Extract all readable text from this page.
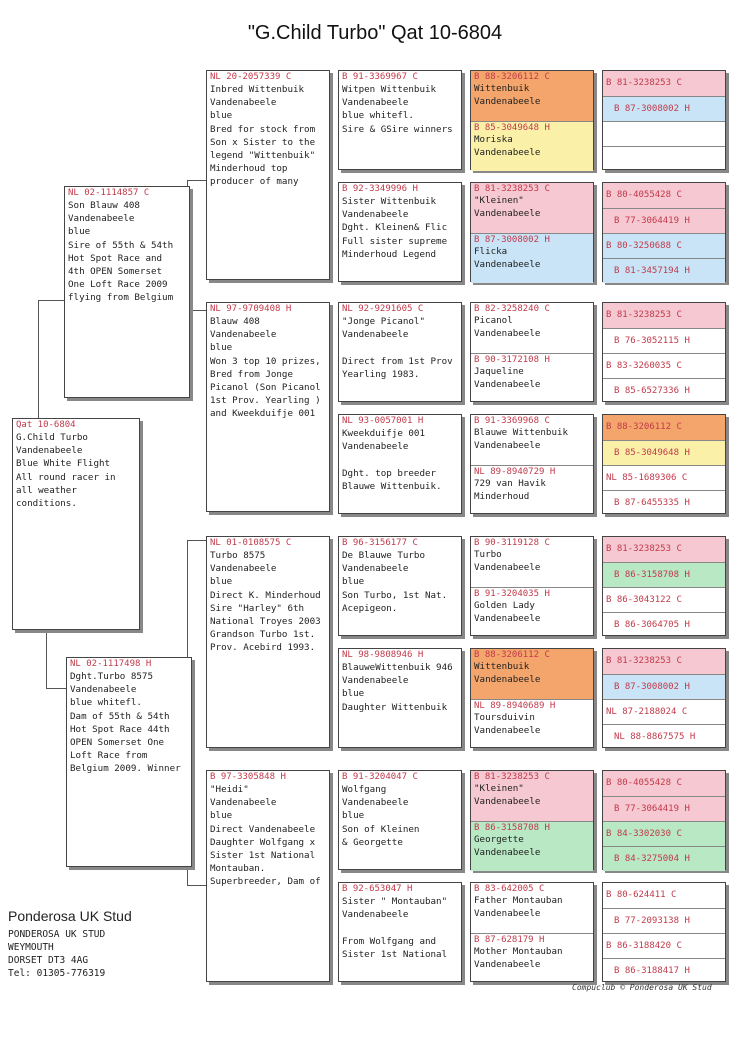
"G.Child Turbo" Qat 10-6804
Qat 10-6804
G.Child Turbo
Vandenabeele
Blue White Flight
All round racer in
all weather
conditions.
NL 02-1114857 C
Son Blauw 408
Vandenabeele
blue
Sire of 55th & 54th
Hot Spot Race and
4th OPEN Somerset
One Loft Race 2009
flying from Belgium
NL 02-1117498 H
Dght.Turbo 8575
Vandenabeele
blue whitefl.
Dam of 55th & 54th
Hot Spot Race 44th
OPEN Somerset One
Loft Race from
Belgium 2009. Winner
NL 20-2057339 C
Inbred Wittenbuik
Vandenabeele
blue
Bred for stock from
Son x Sister to the
legend "Wittenbuik"
Minderhoud top
producer of many
NL 97-9709408 H
Blauw 408
Vandenabeele
blue
Won 3 top 10 prizes,
Bred from Jonge
Picanol (Son Picanol
1st Prov. Yearling )
and Kweekduifje 001
NL 01-0108575 C
Turbo 8575
Vandenabeele
blue
Direct K. Minderhoud
Sire "Harley" 6th
National Troyes 2003
Grandson Turbo 1st.
Prov. Acebird 1993.
B 97-3305848 H
"Heidi"
Vandenabeele
blue
Direct Vandenabeele
Daughter Wolfgang x
Sister 1st National
Montauban.
Superbreeder, Dam of
B 91-3369967 C
Witpen Wittenbuik
Vandenabeele
blue whitefl.
Sire & GSire winners
B 92-3349996 H
Sister Wittenbuik
Vandenabeele
Dght. Kleinen& Flic
Full sister supreme
Minderhoud Legend
NL 92-9291605 C
"Jonge Picanol"
Vandenabeele

Direct from 1st Prov
Yearling 1983.
NL 93-0057001 H
Kweekduifje 001
Vandenabeele

Dght. top breeder
Blauwe Wittenbuik.
B 96-3156177 C
De Blauwe Turbo
Vandenabeele
blue
Son Turbo, 1st Nat.
Acepigeon.
NL 98-9808946 H
BlauweWittenbuik 946
Vandenabeele
blue
Daughter Wittenbuik
B 91-3204047 C
Wolfgang
Vandenabeele
blue
Son of Kleinen
& Georgette
B 92-653047 H
Sister " Montauban"
Vandenabeele

From Wolfgang and
Sister 1st National
B 88-3206112 C
Wittenbuik
Vandenabeele
B 85-3049648 H
Moriska
Vandenabeele
B 81-3238253 C
"Kleinen"
Vandenabeele
B 87-3008002 H
Flicka
Vandenabeele
B 82-3258240 C
Picanol
Vandenabeele
B 90-3172108 H
Jaqueline
Vandenabeele
B 91-3369968 C
Blauwe Wittenbuik
Vandenabeele
NL 89-8940729 H
729 van Havik
Minderhoud
B 90-3119128 C
Turbo
Vandenabeele
B 91-3204035 H
Golden Lady
Vandenabeele
B 88-3206112 C
Wittenbuik
Vandenabeele
NL 89-8940689 H
Toursduivin
Vandenabeele
B 81-3238253 C
"Kleinen"
Vandenabeele
B 86-3158708 H
Georgette
Vandenabeele
B 83-642005 C
Father Montauban
Vandenabeele
B 87-628179 H
Mother Montauban
Vandenabeele
B 81-3238253 C
B 87-3008002 H
B 80-4055428 C
B 77-3064419 H
B 80-3250688 C
B 81-3457194 H
B 81-3238253 C
B 76-3052115 H
B 83-3260035 C
B 85-6527336 H
B 88-3206112 C
B 85-3049648 H
NL 85-1689306 C
B 87-6455335 H
B 81-3238253 C
B 86-3158708 H
B 86-3043122 C
B 86-3064705 H
B 81-3238253 C
B 87-3008002 H
NL 87-2188024 C
NL 88-8867575 H
B 80-4055428 C
B 77-3064419 H
B 84-3302030 C
B 84-3275004 H
B 80-624411 C
B 77-2093138 H
B 86-3188420 C
B 86-3188417 H
Ponderosa UK Stud
PONDEROSA UK STUD
WEYMOUTH
DORSET DT3 4AG
Tel: 01305-776319
Compuclub © Ponderosa UK Stud
